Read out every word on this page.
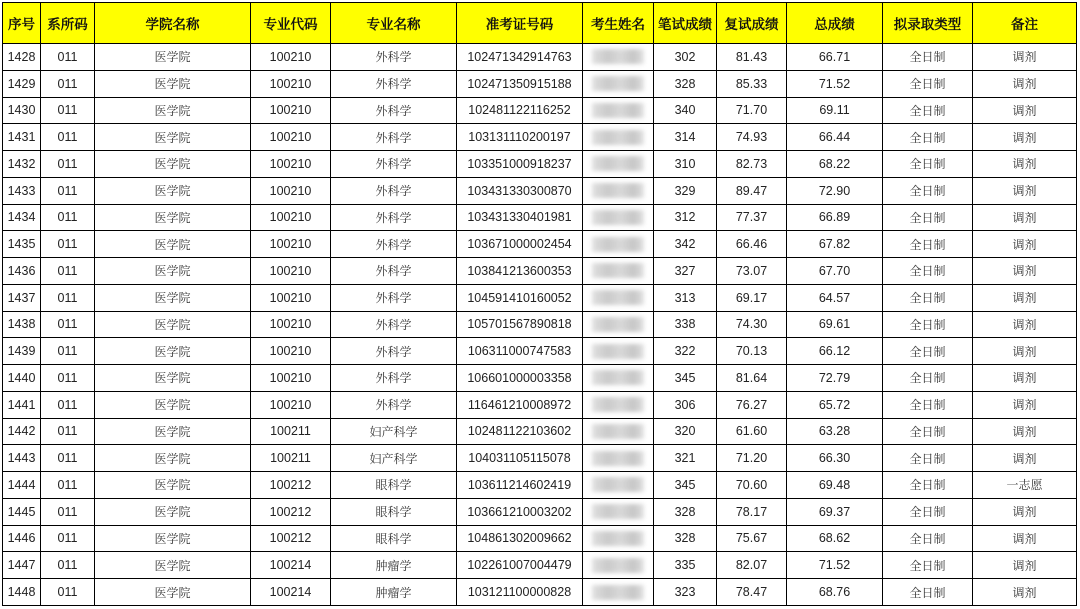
序号	系所码	学院名称	专业代码	专业名称	准考证号码	考生姓名	笔试成绩	复试成绩	总成绩	拟录取类型	备注
1428	011	医学院	100210	外科学	102471342914763		302	81.43	66.71	全日制	调剂
1429	011	医学院	100210	外科学	102471350915188		328	85.33	71.52	全日制	调剂
1430	011	医学院	100210	外科学	102481122116252		340	71.70	69.11	全日制	调剂
1431	011	医学院	100210	外科学	103131110200197		314	74.93	66.44	全日制	调剂
1432	011	医学院	100210	外科学	103351000918237		310	82.73	68.22	全日制	调剂
1433	011	医学院	100210	外科学	103431330300870		329	89.47	72.90	全日制	调剂
1434	011	医学院	100210	外科学	103431330401981		312	77.37	66.89	全日制	调剂
1435	011	医学院	100210	外科学	103671000002454		342	66.46	67.82	全日制	调剂
1436	011	医学院	100210	外科学	103841213600353		327	73.07	67.70	全日制	调剂
1437	011	医学院	100210	外科学	104591410160052		313	69.17	64.57	全日制	调剂
1438	011	医学院	100210	外科学	105701567890818		338	74.30	69.61	全日制	调剂
1439	011	医学院	100210	外科学	106311000747583		322	70.13	66.12	全日制	调剂
1440	011	医学院	100210	外科学	106601000003358		345	81.64	72.79	全日制	调剂
1441	011	医学院	100210	外科学	116461210008972		306	76.27	65.72	全日制	调剂
1442	011	医学院	100211	妇产科学	102481122103602		320	61.60	63.28	全日制	调剂
1443	011	医学院	100211	妇产科学	104031105115078		321	71.20	66.30	全日制	调剂
1444	011	医学院	100212	眼科学	103611214602419		345	70.60	69.48	全日制	一志愿
1445	011	医学院	100212	眼科学	103661210003202		328	78.17	69.37	全日制	调剂
1446	011	医学院	100212	眼科学	104861302009662		328	75.67	68.62	全日制	调剂
1447	011	医学院	100214	肿瘤学	102261007004479		335	82.07	71.52	全日制	调剂
1448	011	医学院	100214	肿瘤学	103121100000828		323	78.47	68.76	全日制	调剂
